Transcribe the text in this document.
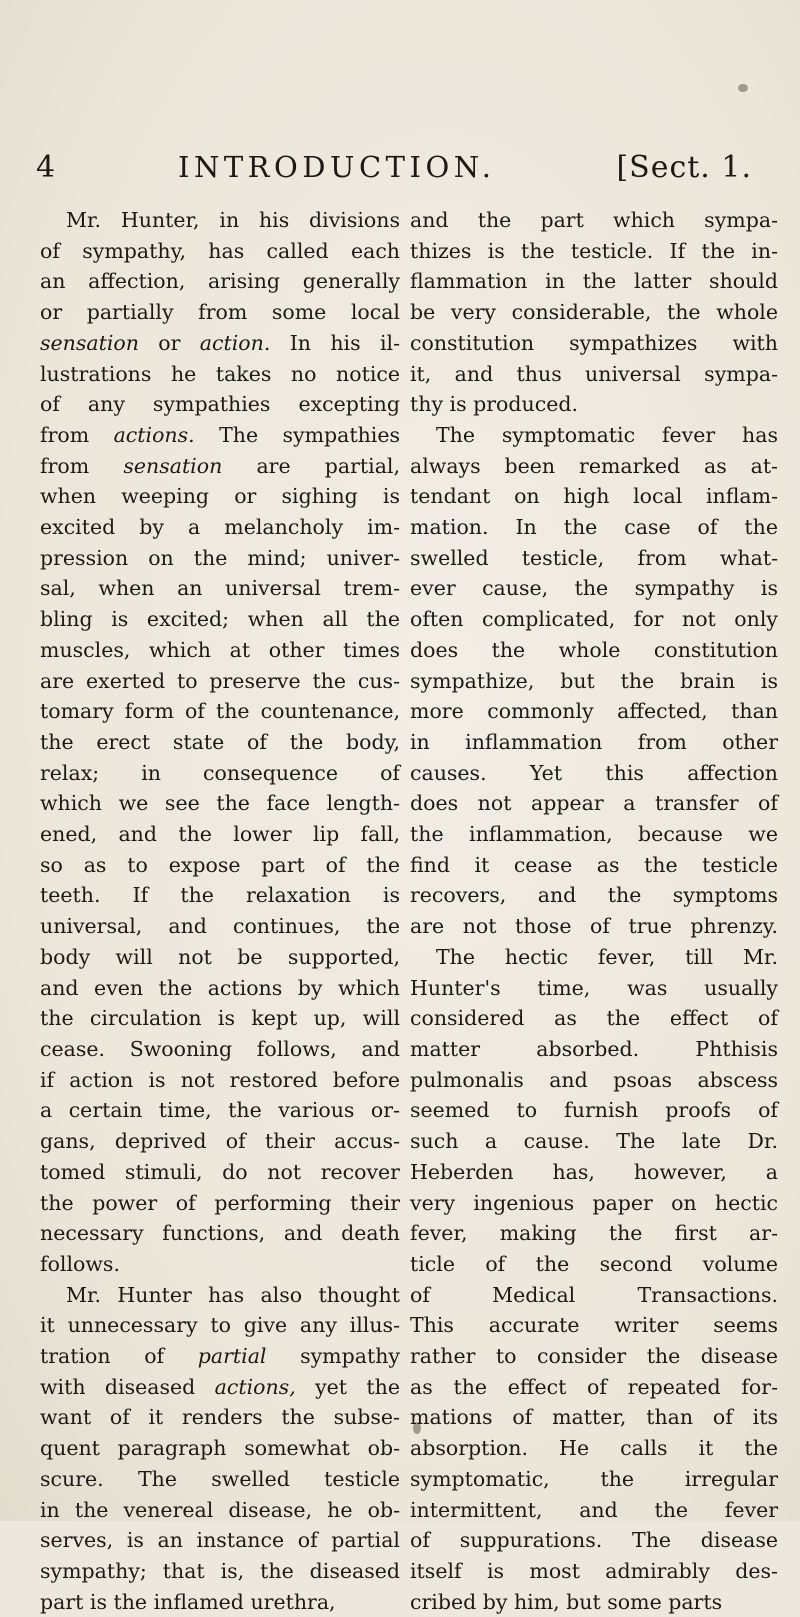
4	INTRODUCTION.	[Sect. 1.
Mr. Hunter, in his divisions
of sympathy, has called each
an affection, arising generally
or partially from some local
sensation or action. In his il-
lustrations he takes no notice
of any sympathies excepting
from actions. The sympathies
from sensation are partial,
when weeping or sighing is
excited by a melancholy im-
pression on the mind; univer-
sal, when an universal trem-
bling is excited; when all the
muscles, which at other times
are exerted to preserve the cus-
tomary form of the countenance,
the erect state of the body,
relax; in consequence of
which we see the face length-
ened, and the lower lip fall,
so as to expose part of the
teeth. If the relaxation is
universal, and continues, the
body will not be supported,
and even the actions by which
the circulation is kept up, will
cease. Swooning follows, and
if action is not restored before
a certain time, the various or-
gans, deprived of their accus-
tomed stimuli, do not recover
the power of performing their
necessary functions, and death
follows.
Mr. Hunter has also thought
it unnecessary to give any illus-
tration of partial sympathy
with diseased actions, yet the
want of it renders the subse-
quent paragraph somewhat ob-
scure. The swelled testicle
in the venereal disease, he ob-
serves, is an instance of partial
sympathy; that is, the diseased
part is the inflamed urethra,
and the part which sympa-
thizes is the testicle. If the in-
flammation in the latter should
be very considerable, the whole
constitution sympathizes with
it, and thus universal sympa-
thy is produced.
The symptomatic fever has
always been remarked as at-
tendant on high local inflam-
mation. In the case of the
swelled testicle, from what-
ever cause, the sympathy is
often complicated, for not only
does the whole constitution
sympathize, but the brain is
more commonly affected, than
in inflammation from other
causes. Yet this affection
does not appear a transfer of
the inflammation, because we
find it cease as the testicle
recovers, and the symptoms
are not those of true phrenzy.
The hectic fever, till Mr.
Hunter's time, was usually
considered as the effect of
matter absorbed. Phthisis
pulmonalis and psoas abscess
seemed to furnish proofs of
such a cause. The late Dr.
Heberden has, however, a
very ingenious paper on hectic
fever, making the first ar-
ticle of the second volume
of Medical Transactions.
This accurate writer seems
rather to consider the disease
as the effect of repeated for-
mations of matter, than of its
absorption. He calls it the
symptomatic, the irregular
intermittent, and the fever
of suppurations. The disease
itself is most admirably des-
cribed by him, but some parts
